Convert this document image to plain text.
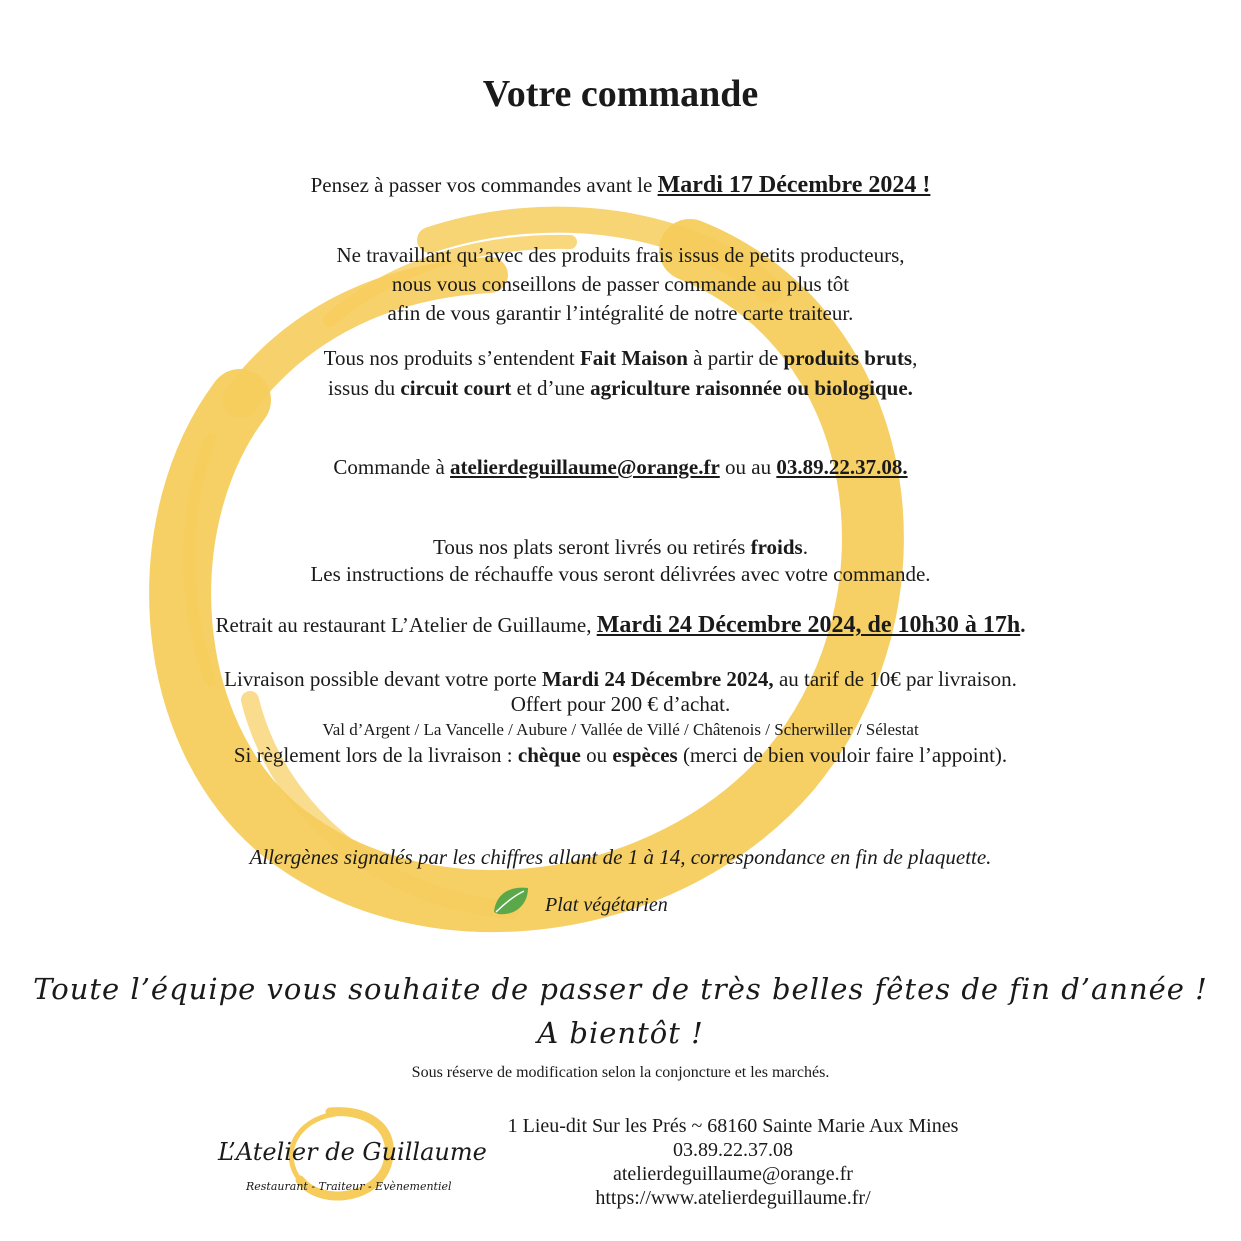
Votre commande
Pensez à passer vos commandes avant le Mardi 17 Décembre 2024 !
Ne travaillant qu’avec des produits frais issus de petits producteurs,
nous vous conseillons de passer commande au plus tôt
afin de vous garantir l’intégralité de notre carte traiteur.
Tous nos produits s’entendent Fait Maison à partir de produits bruts,
issus du circuit court et d’une agriculture raisonnée ou biologique.
Commande à atelierdeguillaume@orange.fr ou au 03.89.22.37.08.
Tous nos plats seront livrés ou retirés froids.
Les instructions de réchauffe vous seront délivrées avec votre commande.
Retrait au restaurant L’Atelier de Guillaume, Mardi 24 Décembre 2024, de 10h30 à 17h.
Livraison possible devant votre porte Mardi 24 Décembre 2024, au tarif de 10€ par livraison.
Offert pour 200 € d’achat.
Val d’Argent / La Vancelle / Aubure / Vallée de Villé / Châtenois / Scherwiller / Sélestat
Si règlement lors de la livraison : chèque ou espèces (merci de bien vouloir faire l’appoint).
Allergènes signalés par les chiffres allant de 1 à 14, correspondance en fin de plaquette.
Plat végétarien
Toute l’équipe vous souhaite de passer de très belles fêtes de fin d’année !
A bientôt !
Sous réserve de modification selon la conjoncture et les marchés.
L’Atelier de Guillaume
Restaurant - Traiteur - Evènementiel
1 Lieu-dit Sur les Prés ~ 68160 Sainte Marie Aux Mines
03.89.22.37.08
atelierdeguillaume@orange.fr
https://www.atelierdeguillaume.fr/
